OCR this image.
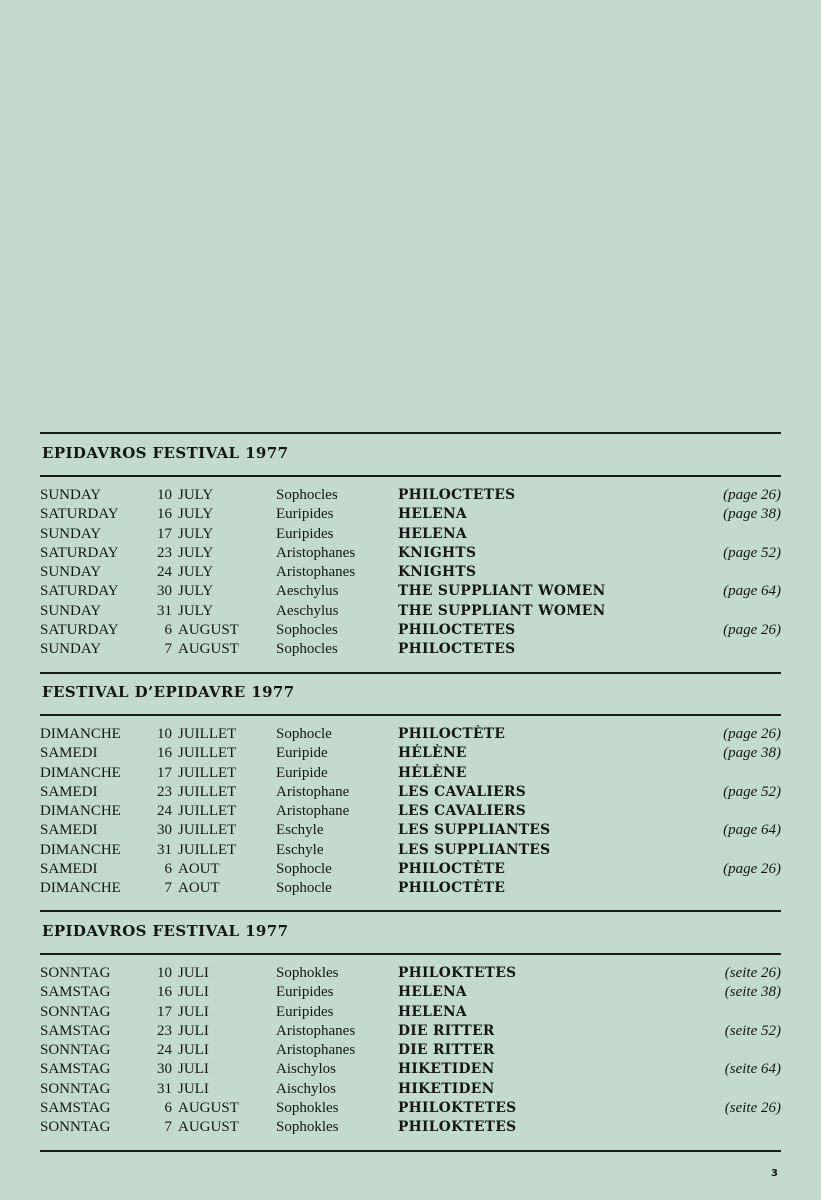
EPIDAVROS FESTIVAL 1977
SUNDAY	10 JULY	Sophocles	PHILOCTETES	(page 26)
SATURDAY	16 JULY	Euripides	HELENA	(page 38)
SUNDAY	17 JULY	Euripides	HELENA
SATURDAY	23 JULY	Aristophanes	KNIGHTS	(page 52)
SUNDAY	24 JULY	Aristophanes	KNIGHTS
SATURDAY	30 JULY	Aeschylus	THE SUPPLIANT WOMEN	(page 64)
SUNDAY	31 JULY	Aeschylus	THE SUPPLIANT WOMEN
SATURDAY	6 AUGUST Sophocles	PHILOCTETES	(page 26)
SUNDAY	7 AUGUST Sophocles	PHILOCTETES
FESTIVAL D’EPIDAVRE 1977
DIMANCHE	10 JUILLET	Sophocle	PHILOCTÈTE	(page 26)
SAMEDI	16 JUILLET	Euripide	HÉLÈNE	(page 38)
DIMANCHE	17 JUILLET	Euripide	HÉLÈNE
SAMEDI	23 JUILLET	Aristophane	LES CAVALIERS	(page 52)
DIMANCHE	24 JUILLET	Aristophane	LES CAVALIERS
SAMEDI	30 JUILLET	Eschyle	LES SUPPLIANTES	(page 64)
DIMANCHE	31 JUILLET	Eschyle	LES SUPPLIANTES
SAMEDI	6 AOUT	Sophocle	PHILOCTÈTE	(page 26)
DIMANCHE	7 AOUT	Sophocle	PHILOCTÈTE
EPIDAVROS FESTIVAL 1977
SONNTAG	10 JULI	Sophokles	PHILOKTETES	(seite 26)
SAMSTAG	16 JULI	Euripides	HELENA	(seite 38)
SONNTAG	17 JULI	Euripides	HELENA
SAMSTAG	23 JULI	Aristophanes	DIE RITTER	(seite 52)
SONNTAG	24 JULI	Aristophanes	DIE RITTER
SAMSTAG	30 JULI	Aischylos	HIKETIDEN	(seite 64)
SONNTAG	31 JULI	Aischylos	HIKETIDEN
SAMSTAG	6 AUGUST Sophokles	PHILOKTETES	(seite 26)
SONNTAG	7 AUGUST Sophokles	PHILOKTETES
3
